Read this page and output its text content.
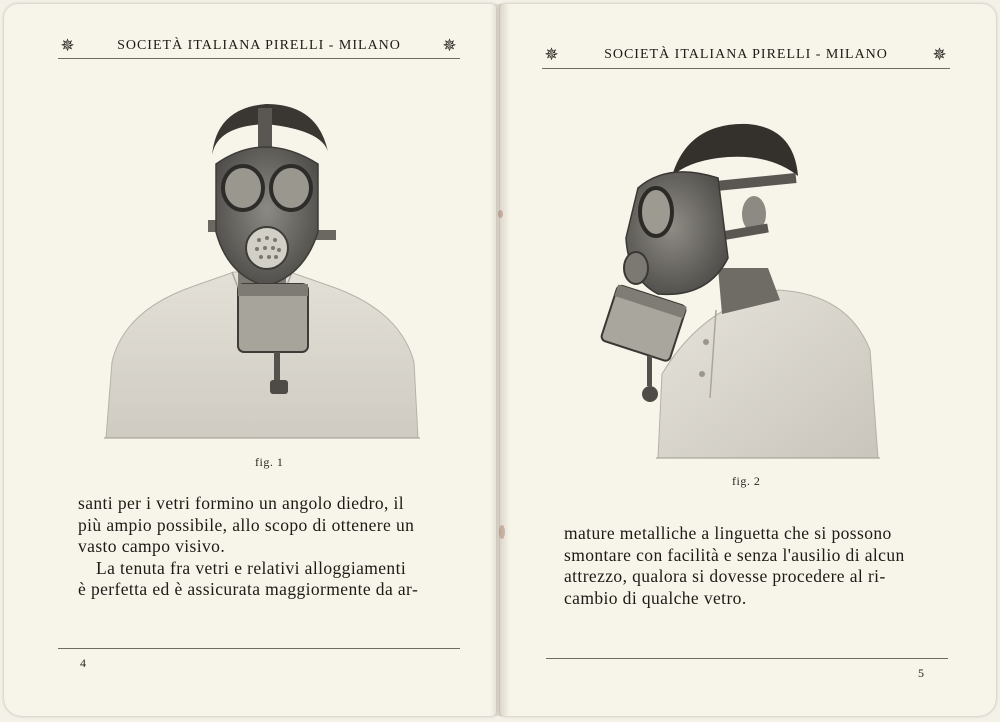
✵	SOCIETÀ ITALIANA PIRELLI - MILANO	✵
fig. 1

santi per i vetri formino un angolo diedro, il

più ampio possibile, allo scopo di ottenere un

vasto campo visivo.

La tenuta fra vetri e relativi alloggiamenti

è perfetta ed è assicurata maggiormente da ar-

4
✵	SOCIETÀ ITALIANA PIRELLI - MILANO	✵
fig. 2

mature metalliche a linguetta che si possono

smontare con facilità e senza l'ausilio di alcun

attrezzo, qualora si dovesse procedere al ri-

cambio di qualche vetro.

5
